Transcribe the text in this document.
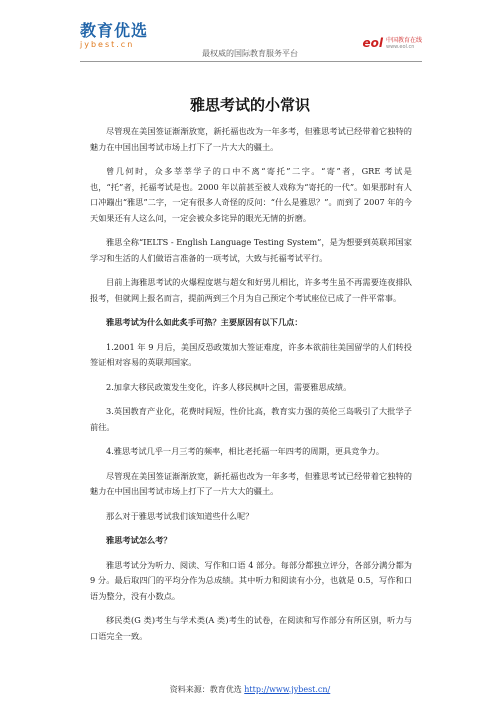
教育优选
jybest.cn
最权威的国际教育服务平台
eol 中国教育在线
www.eol.cn
雅思考试的小常识

尽管现在美国签证渐渐放宽，新托福也改为一年多考，但雅思考试已经带着它独特的魅力在中国出国考试市场上打下了一片大大的疆土。

曾几何时，众多莘莘学子的口中不离“寄托”二字。“寄”者，GRE 考试是也，“托”者，托福考试是也。2000 年以前甚至被人戏称为“寄托的一代”。如果那时有人口冲蹦出“雅思”二字，一定有很多人奇怪的反问：“什么是雅思？”。而到了 2007 年的今天如果还有人这么问，一定会被众多诧异的眼光无情的折磨。

雅思全称“IELTS - English Language Testing System”，是为想要到英联邦国家学习和生活的人们做语言准备的一项考试，大致与托福考试平行。

目前上海雅思考试的火爆程度堪与超女和好男儿相比，许多考生虽不再需要连夜排队报考，但就网上报名而言，提前两到三个月为自己预定个考试座位已成了一件平常事。

雅思考试为什么如此炙手可热？主要原因有以下几点：

1.2001 年 9 月后，美国反恐政策加大签证难度，许多本欲前往美国留学的人们转投签证相对容易的英联邦国家。

2.加拿大移民政策发生变化，许多人移民枫叶之国，需要雅思成绩。

3.英国教育产业化，花费时间短，性价比高，教育实力强的英伦三岛吸引了大批学子前往。

4.雅思考试几乎一月三考的频率，相比老托福一年四考的周期，更具竞争力。

尽管现在美国签证渐渐放宽，新托福也改为一年多考，但雅思考试已经带着它独特的魅力在中国出国考试市场上打下了一片大大的疆土。

那么对于雅思考试我们该知道些什么呢？

雅思考试怎么考？

雅思考试分为听力、阅读、写作和口语 4 部分。每部分都独立评分，各部分满分都为 9 分。最后取四门的平均分作为总成绩。其中听力和阅读有小分，也就是 0.5，写作和口语为整分，没有小数点。

移民类(G 类)考生与学术类(A 类)考生的试卷，在阅读和写作部分有所区别，听力与口语完全一致。

资料来源：教育优选 http://www.jybest.cn/
